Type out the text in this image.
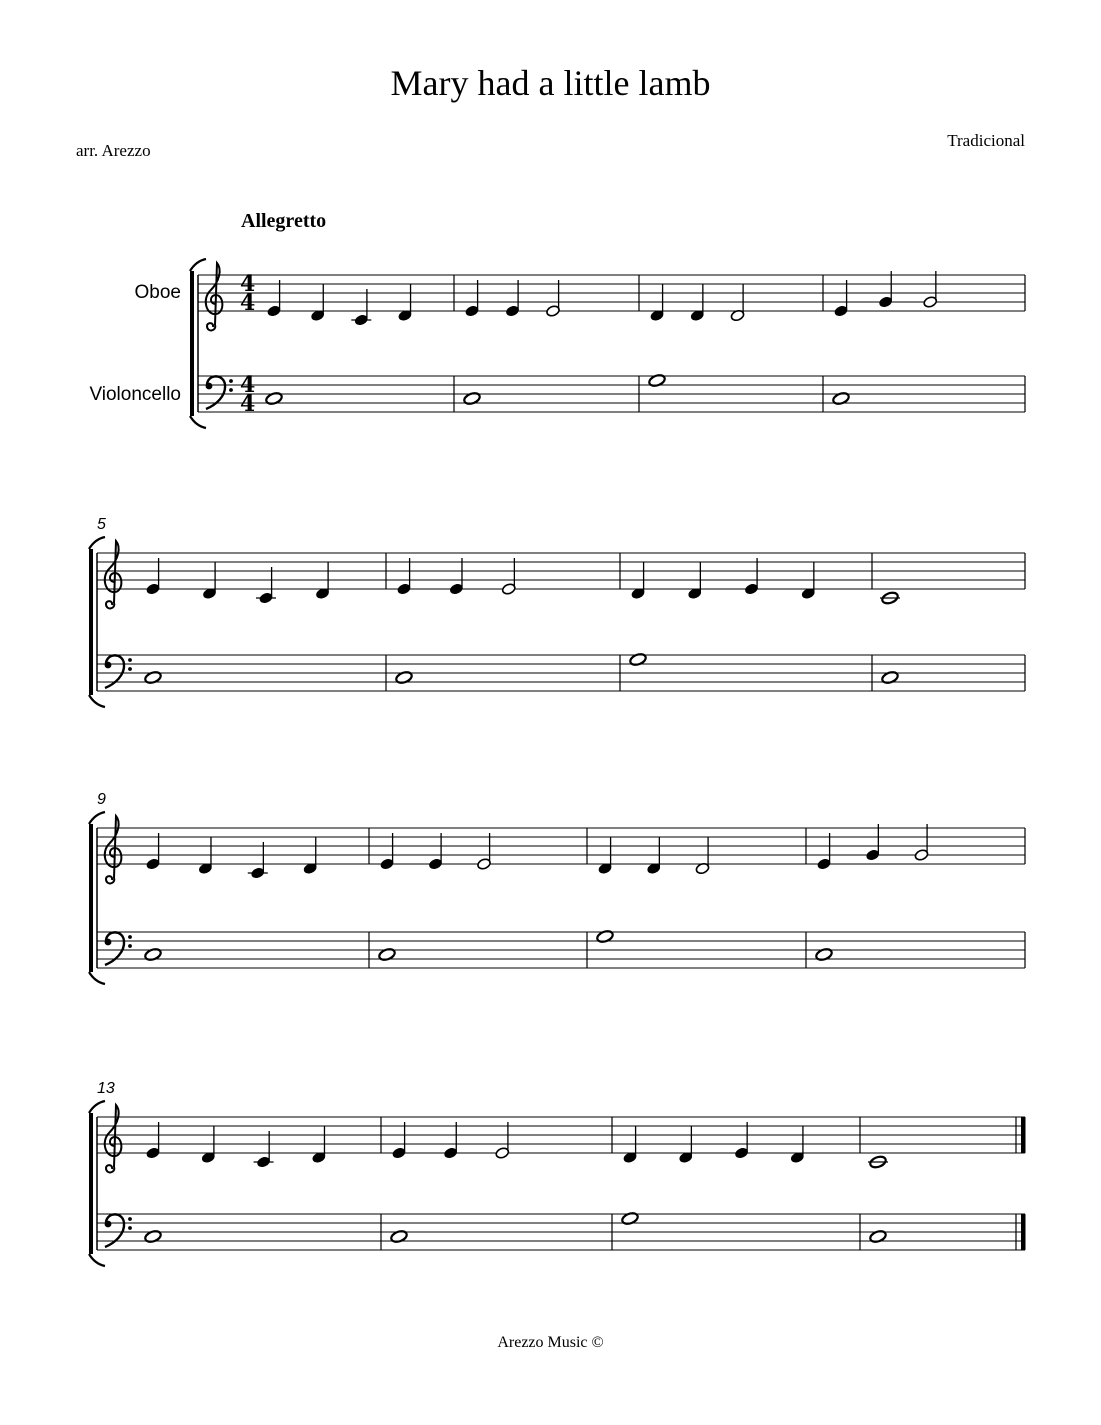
Mary had a little lamb
arr. Arezzo
Tradicional
Allegretto
Oboe
Violoncello
Arezzo Music ©
4
4
4
4
5
9
13
